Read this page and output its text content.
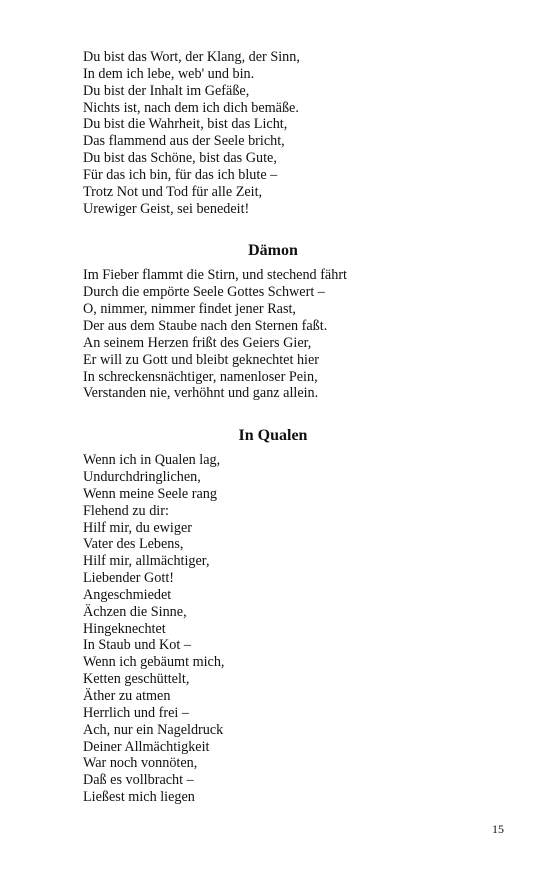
Du bist das Wort, der Klang, der Sinn,
In dem ich lebe, web' und bin.
Du bist der Inhalt im Gefäße,
Nichts ist, nach dem ich dich bemäße.
Du bist die Wahrheit, bist das Licht,
Das flammend aus der Seele bricht,
Du bist das Schöne, bist das Gute,
Für das ich bin, für das ich blute –
Trotz Not und Tod für alle Zeit,
Urewiger Geist, sei benedeit!
Dämon
Im Fieber flammt die Stirn, und stechend fährt
Durch die empörte Seele Gottes Schwert –
O, nimmer, nimmer findet jener Rast,
Der aus dem Staube nach den Sternen faßt.
An seinem Herzen frißt des Geiers Gier,
Er will zu Gott und bleibt geknechtet hier
In schreckensnächtiger, namenloser Pein,
Verstanden nie, verhöhnt und ganz allein.
In Qualen
Wenn ich in Qualen lag,
Undurchdringlichen,
Wenn meine Seele rang
Flehend zu dir:
Hilf mir, du ewiger
Vater des Lebens,
Hilf mir, allmächtiger,
Liebender Gott!
Angeschmiedet
Ächzen die Sinne,
Hingeknechtet
In Staub und Kot –
Wenn ich gebäumt mich,
Ketten geschüttelt,
Äther zu atmen
Herrlich und frei –
Ach, nur ein Nageldruck
Deiner Allmächtigkeit
War noch vonnöten,
Daß es vollbracht –
Ließest mich liegen
15
